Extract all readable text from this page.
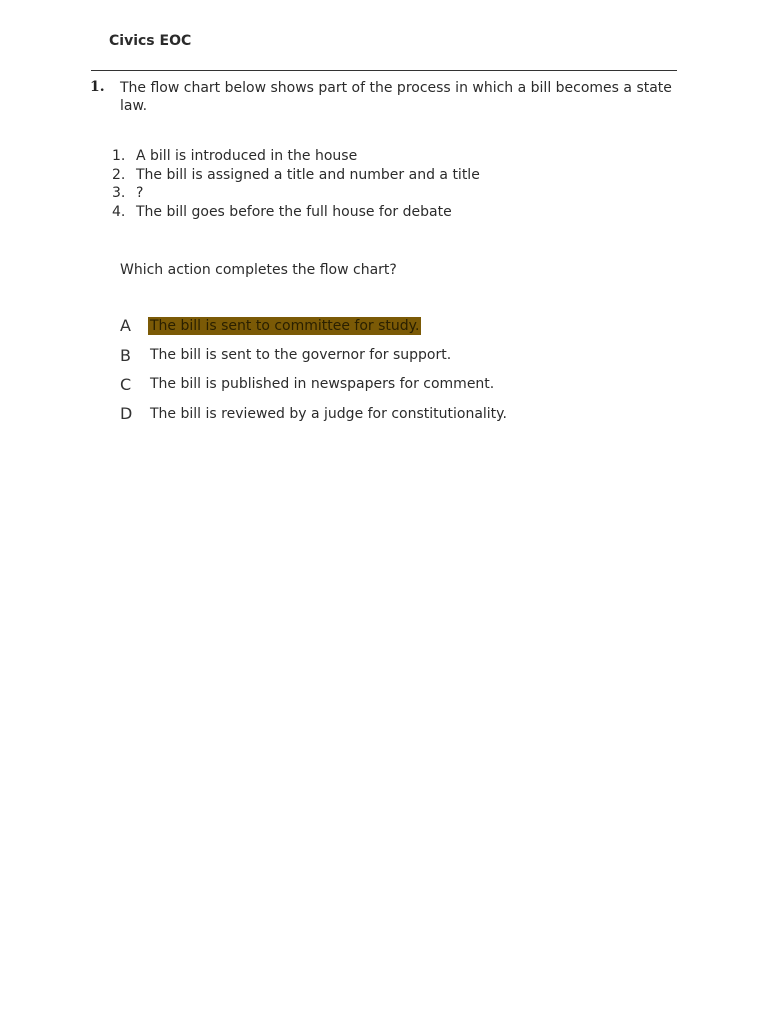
Civics EOC
1. The flow chart below shows part of the process in which a bill becomes a state law.
1. A bill is introduced in the house
2. The bill is assigned a title and number and a title
3. ?
4. The bill goes before the full house for debate
Which action completes the flow chart?
A	The bill is sent to committee for study.
B	The bill is sent to the governor for support.
C	The bill is published in newspapers for comment.
D	The bill is reviewed by a judge for constitutionality.
